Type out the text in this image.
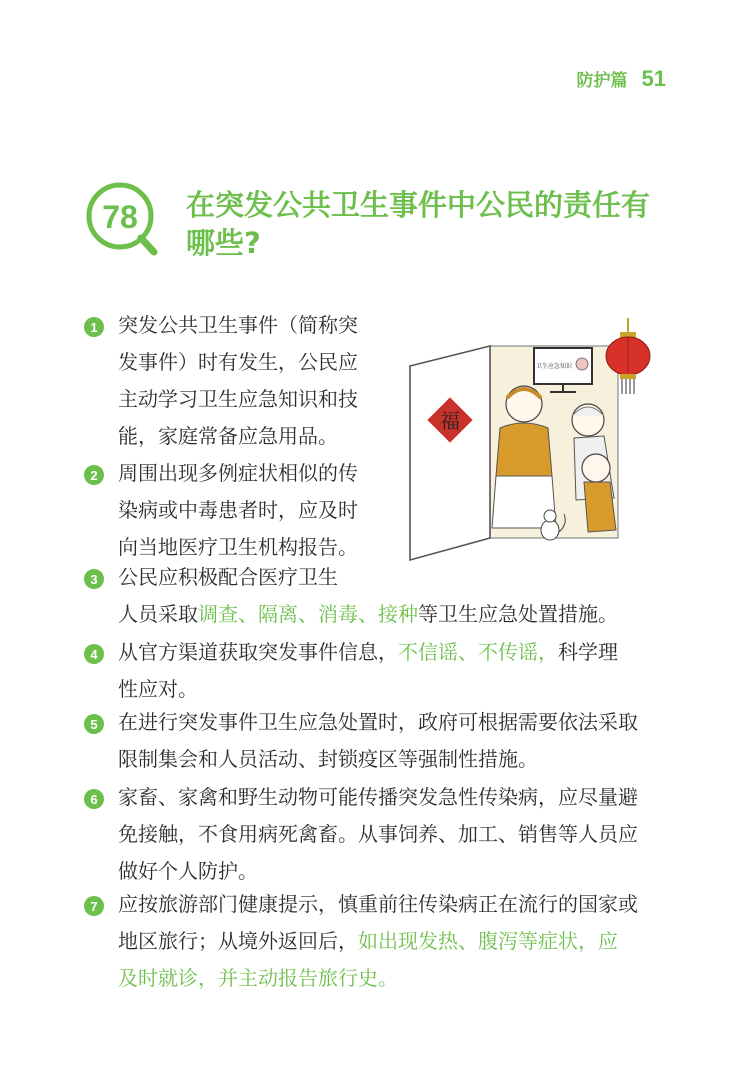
防护篇 51
78 在突发公共卫生事件中公民的责任有
哪些?
福
卫生应急知识
1	突发公共卫生事件（简称突
发事件）时有发生，公民应
主动学习卫生应急知识和技
能，家庭常备应急用品。
2	周围出现多例症状相似的传
染病或中毒患者时，应及时
向当地医疗卫生机构报告。
3	公民应积极配合医疗卫生
人员采取调查、隔离、消毒、接种等卫生应急处置措施。
4	从官方渠道获取突发事件信息，不信谣、不传谣，科学理
性应对。
5	在进行突发事件卫生应急处置时，政府可根据需要依法采取
限制集会和人员活动、封锁疫区等强制性措施。
6	家畜、家禽和野生动物可能传播突发急性传染病，应尽量避
免接触，不食用病死禽畜。从事饲养、加工、销售等人员应
做好个人防护。
7	应按旅游部门健康提示，慎重前往传染病正在流行的国家或
地区旅行；从境外返回后，如出现发热、腹泻等症状，应
及时就诊，并主动报告旅行史。
